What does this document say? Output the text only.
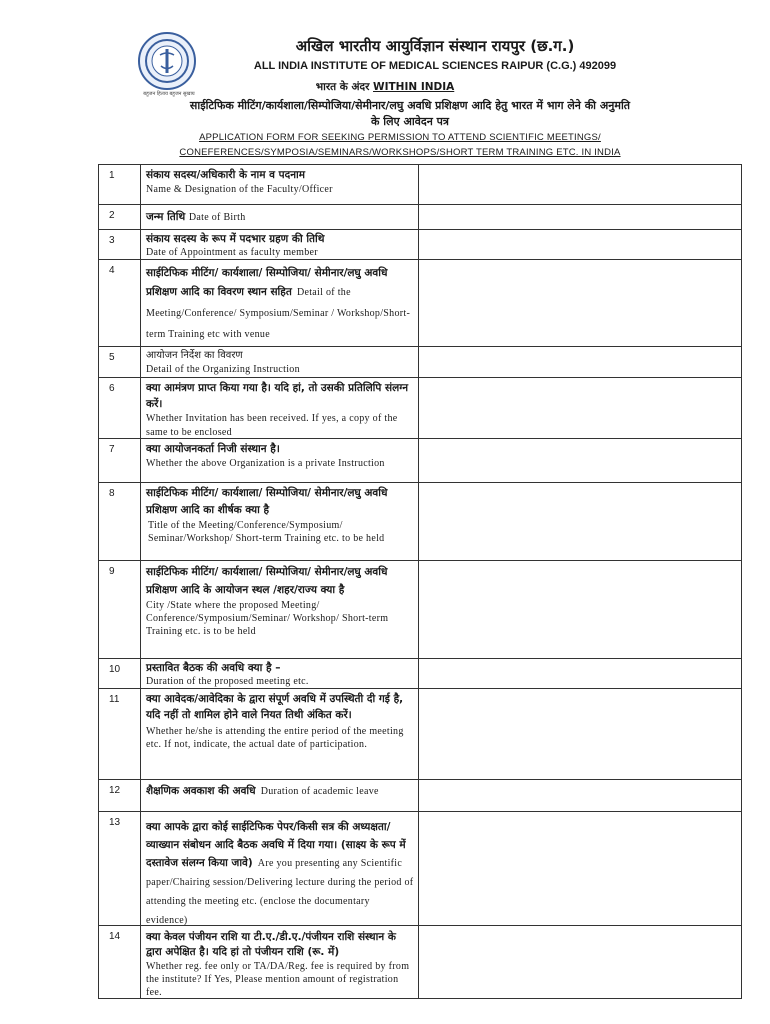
बहुजन हिताय बहुजन सुखाय
अखिल भारतीय आयुर्विज्ञान संस्थान रायपुर (छ.ग.)
ALL INDIA INSTITUTE OF MEDICAL SCIENCES RAIPUR (C.G.) 492099
भारत के अंदर WITHIN INDIA
साईटिफिक मीटिंग/कार्यशाला/सिम्पोजिया/सेमीनार/लघु अवधि प्रशिक्षण आदि हेतु भारत में भाग लेने की अनुमति
के लिए आवेदन पत्र
APPLICATION FORM FOR SEEKING PERMISSION TO ATTEND SCIENTIFIC MEETINGS/
CONEFERENCES/SYMPOSIA/SEMINARS/WORKSHOPS/SHORT TERM TRAINING ETC. IN INDIA
1	संकाय सदस्य/अधिकारी के नाम व पदनाम
Name & Designation of the Faculty/Officer
2	जन्म तिथि Date of Birth
3	संकाय सदस्य के रूप में पदभार ग्रहण की तिथि
Date of Appointment as faculty member
4	साईटिफिक मीटिंग/ कार्यशाला/ सिम्पोजिया/ सेमीनार/लघु अवधि प्रशिक्षण आदि का विवरण स्थान सहित Detail of the Meeting/Conference/ Symposium/Seminar / Workshop/Short-term Training etc with venue
5	आयोजन निर्देश का विवरण
Detail of the Organizing Instruction
6	क्या आमंत्रण प्राप्त किया गया है। यदि हां, तो उसकी प्रतिलिपि संलग्न करें।
Whether Invitation has been received. If yes, a copy of the same to be enclosed
7	क्या आयोजनकर्ता निजी संस्थान है।
Whether the above Organization is a private Instruction
8	साईटिफिक मीटिंग/ कार्यशाला/ सिम्पोजिया/ सेमीनार/लघु अवधि प्रशिक्षण आदि का शीर्षक क्या है
Title of the Meeting/Conference/Symposium/ Seminar/Workshop/ Short-term Training etc. to be held
9	साईटिफिक मीटिंग/ कार्यशाला/ सिम्पोजिया/ सेमीनार/लघु अवधि प्रशिक्षण आदि के आयोजन स्थल /शहर/राज्य क्या है
City /State where the proposed Meeting/ Conference/Symposium/Seminar/ Workshop/ Short-term Training etc. is to be held
10	प्रस्तावित बैठक की अवधि क्या है –
Duration of the proposed meeting etc.
11	क्या आवेदक/आवेदिका के द्वारा संपूर्ण अवधि में उपस्थिती दी गई है, यदि नहीं तो शामिल होने वाले नियत तिथी अंकित करें।
Whether he/she is attending the entire period of the meeting etc. If not, indicate, the actual date of participation.
12	शैक्षणिक अवकाश की अवधि Duration of academic leave
13	क्या आपके द्वारा कोई साईटिफिक पेपर/किसी सत्र की अध्यक्षता/व्याख्यान संबोधन आदि बैठक अवधि में दिया गया। (साक्ष्य के रूप में दस्तावेज संलग्न किया जावे) Are you presenting any Scientific paper/Chairing session/Delivering lecture during the period of attending the meeting etc. (enclose the documentary evidence)
14	क्या केवल पंजीयन राशि या टी.ए./डी.ए./पंजीयन राशि संस्थान के द्वारा अपेक्षित है। यदि हां तो पंजीयन राशि (रू. में)
Whether reg. fee only or TA/DA/Reg. fee is required by from the institute? If Yes, Please mention amount of registration fee.
